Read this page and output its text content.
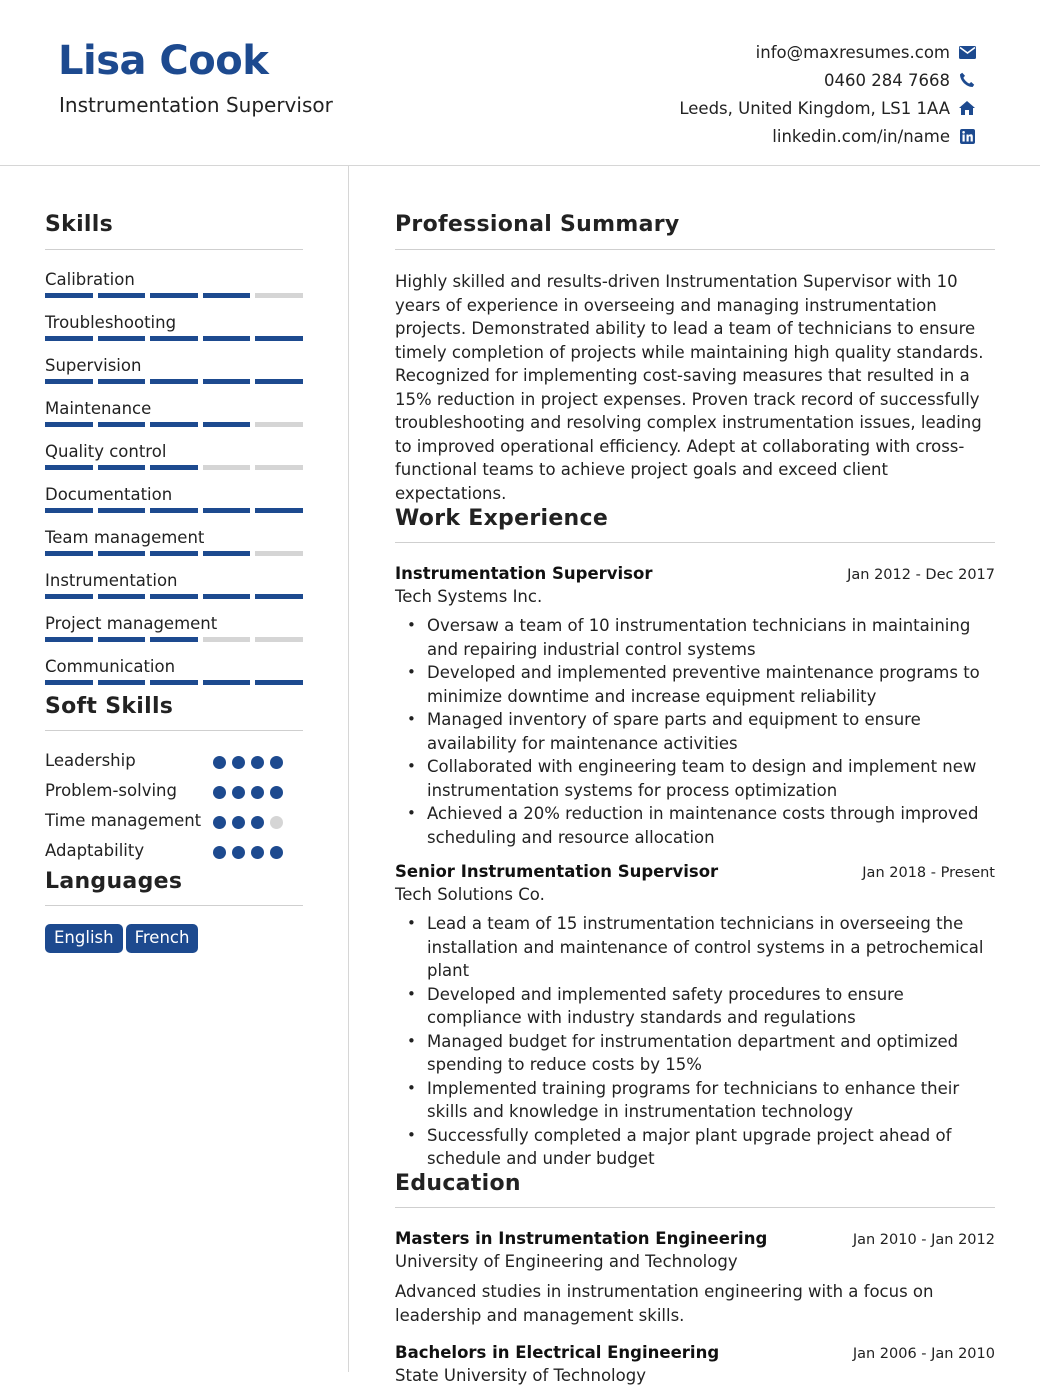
Lisa Cook
Instrumentation Supervisor
info@maxresumes.com
0460 284 7668
Leeds, United Kingdom, LS1 1AA
linkedin.com/in/name
Skills
Calibration
Troubleshooting
Supervision
Maintenance
Quality control
Documentation
Team management
Instrumentation
Project management
Communication
Soft Skills
Leadership
Problem-solving
Time management
Adaptability
Languages
English French
Professional Summary
Highly skilled and results-driven Instrumentation Supervisor with 10 years of experience in overseeing and managing instrumentation projects. Demonstrated ability to lead a team of technicians to ensure timely completion of projects while maintaining high quality standards. Recognized for implementing cost-saving measures that resulted in a 15% reduction in project expenses. Proven track record of successfully troubleshooting and resolving complex instrumentation issues, leading to improved operational efficiency. Adept at collaborating with cross-functional teams to achieve project goals and exceed client expectations.
Work Experience
Instrumentation Supervisor	Jan 2012 - Dec 2017
Tech Systems Inc.
• Oversaw a team of 10 instrumentation technicians in maintaining and repairing industrial control systems
• Developed and implemented preventive maintenance programs to minimize downtime and increase equipment reliability
• Managed inventory of spare parts and equipment to ensure availability for maintenance activities
• Collaborated with engineering team to design and implement new instrumentation systems for process optimization
• Achieved a 20% reduction in maintenance costs through improved scheduling and resource allocation
Senior Instrumentation Supervisor	Jan 2018 - Present
Tech Solutions Co.
• Lead a team of 15 instrumentation technicians in overseeing the installation and maintenance of control systems in a petrochemical plant
• Developed and implemented safety procedures to ensure compliance with industry standards and regulations
• Managed budget for instrumentation department and optimized spending to reduce costs by 15%
• Implemented training programs for technicians to enhance their skills and knowledge in instrumentation technology
• Successfully completed a major plant upgrade project ahead of schedule and under budget
Education
Masters in Instrumentation Engineering	Jan 2010 - Jan 2012
University of Engineering and Technology
Advanced studies in instrumentation engineering with a focus on leadership and management skills.
Bachelors in Electrical Engineering	Jan 2006 - Jan 2010
State University of Technology
